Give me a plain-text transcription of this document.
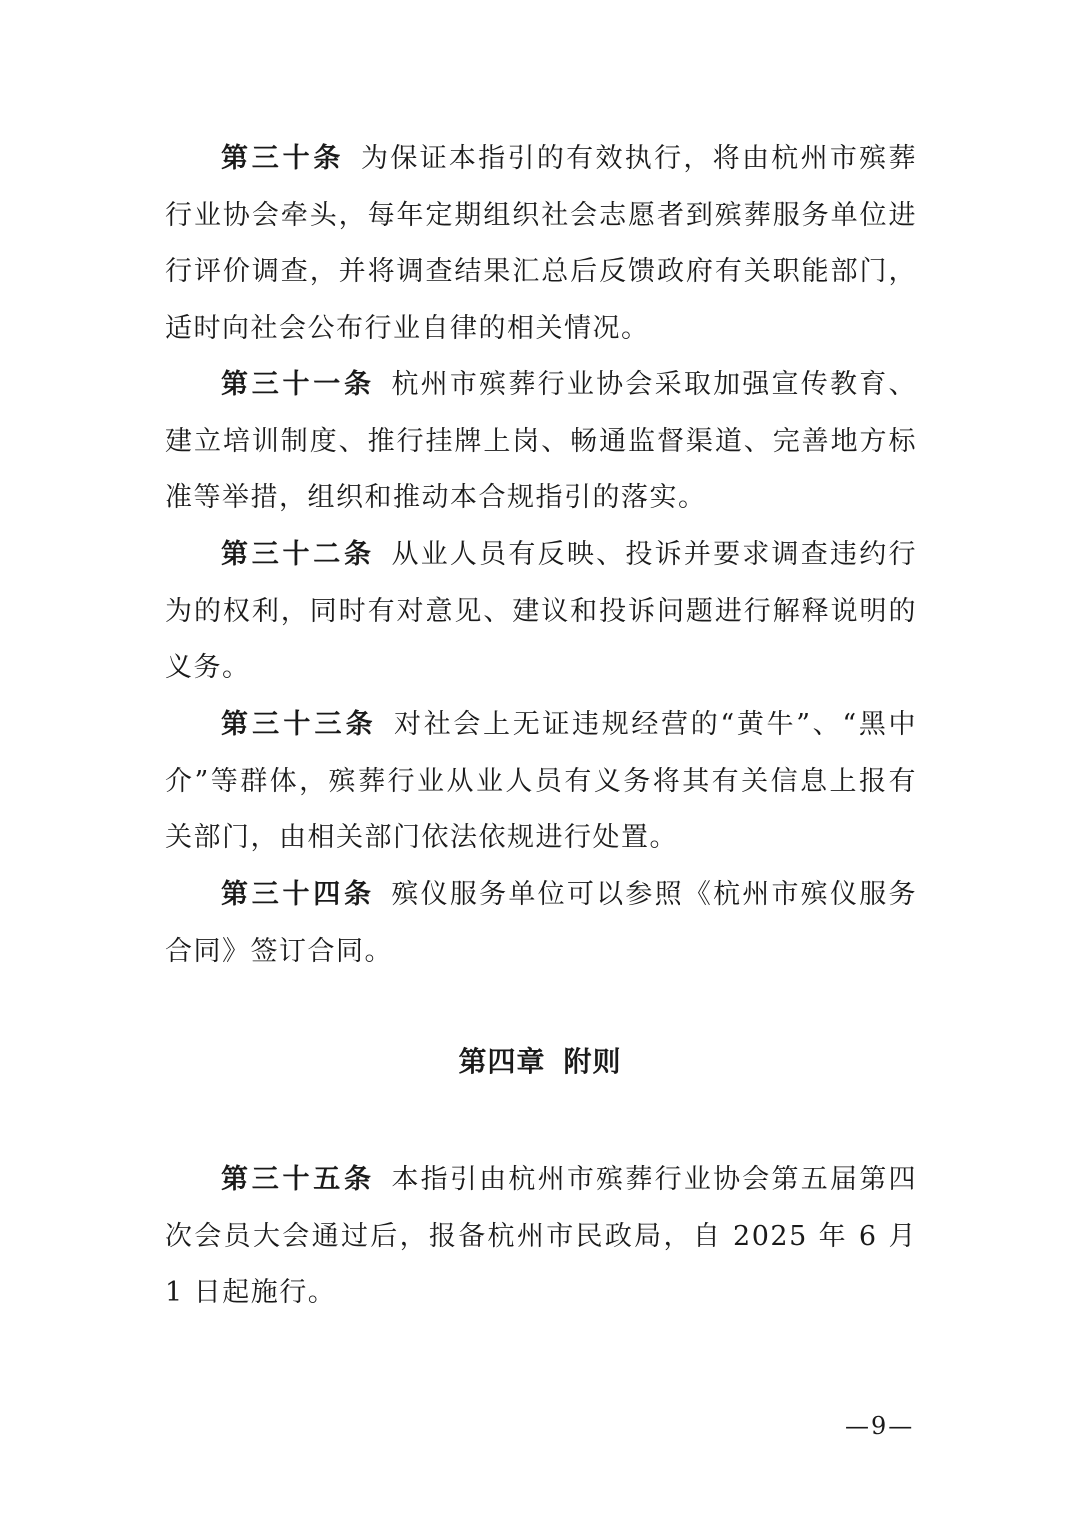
第三十条 为保证本指引的有效执行，将由杭州市殡葬行业协会牵头，每年定期组织社会志愿者到殡葬服务单位进行评价调查，并将调查结果汇总后反馈政府有关职能部门，适时向社会公布行业自律的相关情况。

第三十一条 杭州市殡葬行业协会采取加强宣传教育、建立培训制度、推行挂牌上岗、畅通监督渠道、完善地方标准等举措，组织和推动本合规指引的落实。

第三十二条 从业人员有反映、投诉并要求调查违约行为的权利，同时有对意见、建议和投诉问题进行解释说明的义务。

第三十三条 对社会上无证违规经营的“黄牛”、“黑中介”等群体，殡葬行业从业人员有义务将其有关信息上报有关部门，由相关部门依法依规进行处置。

第三十四条 殡仪服务单位可以参照《杭州市殡仪服务合同》签订合同。

第四章 附则

第三十五条 本指引由杭州市殡葬行业协会第五届第四次会员大会通过后，报备杭州市民政局，自 2025 年 6 月 1 日起施行。

—9—
